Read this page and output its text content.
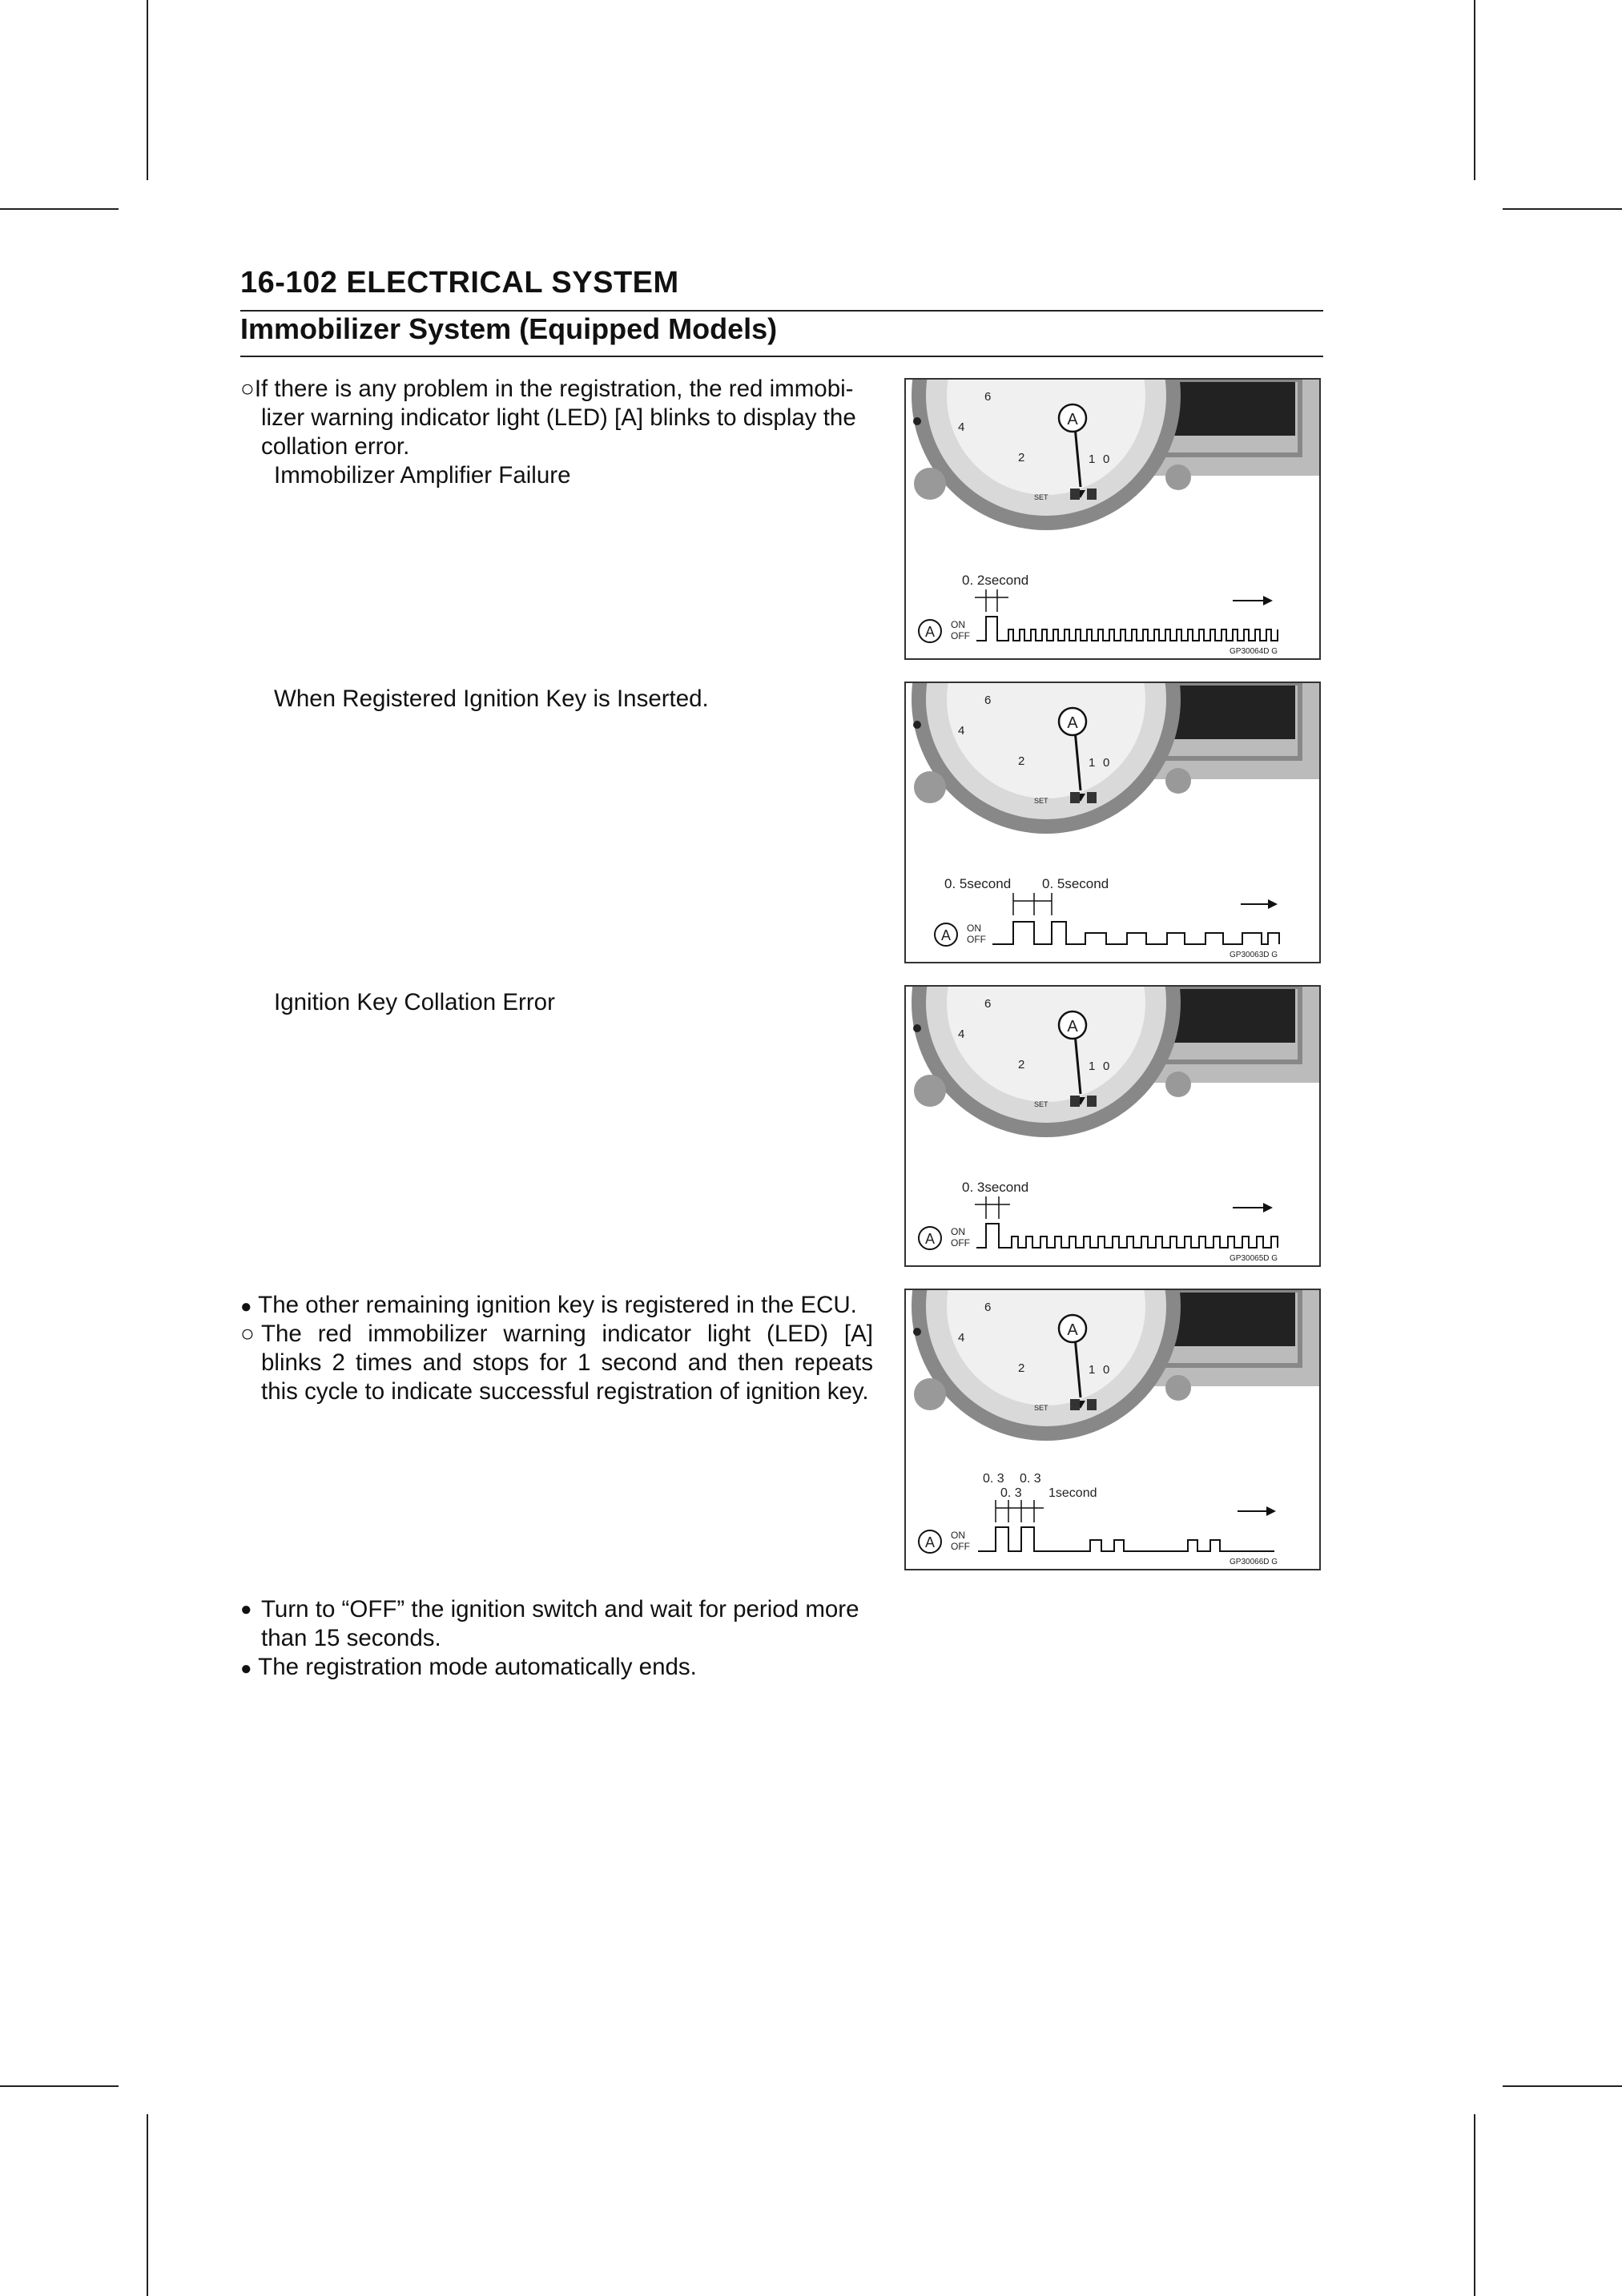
16-102 ELECTRICAL SYSTEM
Immobilizer System (Equipped Models)
○If there is any problem in the registration, the red immobi-
lizer warning indicator light (LED) [A] blinks to display the
collation error.
Immobilizer Amplifier Failure
When Registered Ignition Key is Inserted.
Ignition Key Collation Error
● The other remaining ignition key is registered in the ECU.
○ The red immobilizer warning indicator light (LED) [A] blinks 2 times and stops for 1 second and then repeats this cycle to indicate successful registration of ignition key.
● Turn to “OFF” the ignition switch and wait for period more than 15 seconds.
● The registration mode automatically ends.
6
4
2	1 0
SET
A
0. 2second
A ON
OFF
GP30064D G
6
4
2	1 0
SET
A
0. 5second 0. 5second
A ON
OFF
GP30063D G
6
4
2	1 0
SET
A
0. 3second
A ON
OFF
GP30065D G
6
4
2	1 0
SET
A
0. 3 0. 3
0. 3 1second
A ON
OFF
GP30066D G
